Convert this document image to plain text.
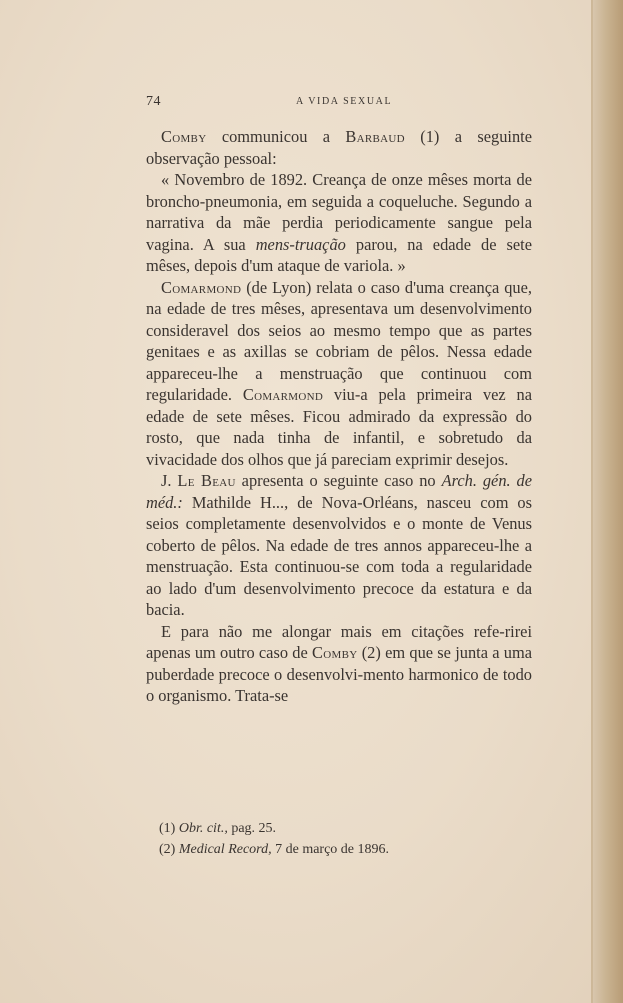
74	A VIDA SEXUAL

Comby communicou a Barbaud (1) a seguinte observação pessoal:

« Novembro de 1892. Creança de onze mêses morta de broncho-pneumonia, em seguida a coqueluche. Segundo a narrativa da mãe perdia periodicamente sangue pela vagina. A sua mens-truação parou, na edade de sete mêses, depois d'um ataque de variola. »

Comarmond (de Lyon) relata o caso d'uma creança que, na edade de tres mêses, apresentava um desenvolvimento consideravel dos seios ao mesmo tempo que as partes genitaes e as axillas se cobriam de pêlos. Nessa edade appareceu-lhe a menstruação que continuou com regularidade. Comarmond viu-a pela primeira vez na edade de sete mêses. Ficou admirado da expressão do rosto, que nada tinha de infantil, e sobretudo da vivacidade dos olhos que já pareciam exprimir desejos.

J. Le Beau apresenta o seguinte caso no Arch. gén. de méd.: Mathilde H..., de Nova-Orléans, nasceu com os seios completamente desenvolvidos e o monte de Venus coberto de pêlos. Na edade de tres annos appareceu-lhe a menstruação. Esta continuou-se com toda a regularidade ao lado d'um desenvolvimento precoce da estatura e da bacia.

E para não me alongar mais em citações refe-rirei apenas um outro caso de Comby (2) em que se junta a uma puberdade precoce o desenvolvi-mento harmonico de todo o organismo. Trata-se

(1) Obr. cit., pag. 25.

(2) Medical Record, 7 de março de 1896.
